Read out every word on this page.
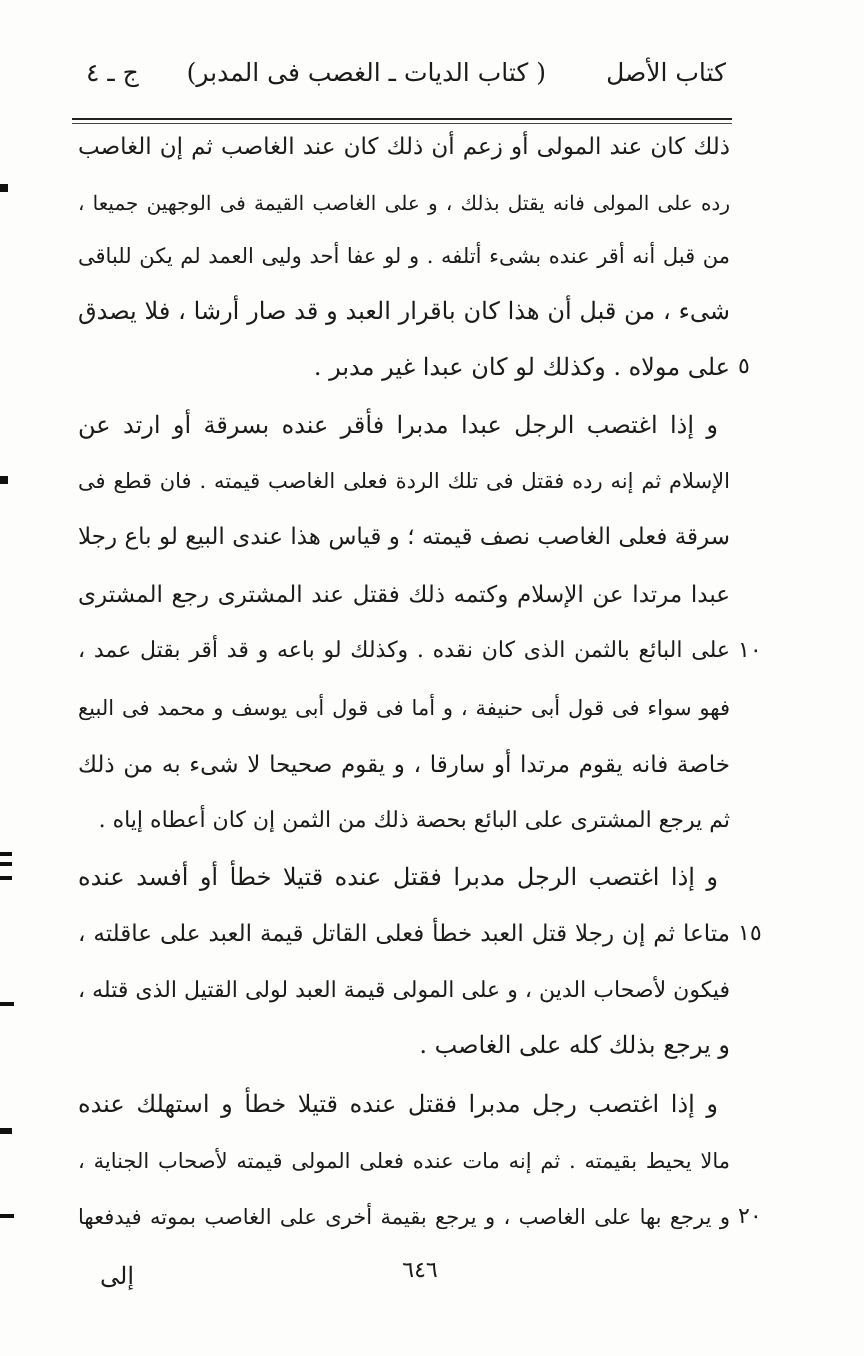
ج ـ ٤ ( كتاب الديات ـ الغصب فى المدبر) كتاب الأصل
ذلك كان عند المولى أو زعم أن ذلك كان عند الغاصب ثم إن الغاصب
رده على المولى فانه يقتل بذلك ، و على الغاصب القيمة فى الوجهين جميعا ،
من قبل أنه أقر عنده بشىء أتلفه . و لو عفا أحد وليى العمد لم يكن للباقى
شىء ، من قبل أن هذا كان باقرار العبد و قد صار أرشا ، فلا يصدق
على مولاه . وكذلك لو كان عبدا غير مدبر . ٥
و إذا اغتصب الرجل عبدا مدبرا فأقر عنده بسرقة أو ارتد عن
الإسلام ثم إنه رده فقتل فى تلك الردة فعلى الغاصب قيمته . فان قطع فى
سرقة فعلى الغاصب نصف قيمته ؛ و قياس هذا عندى البيع لو باع رجلا
عبدا مرتدا عن الإسلام وكتمه ذلك فقتل عند المشترى رجع المشترى
على البائع بالثمن الذى كان نقده . وكذلك لو باعه و قد أقر بقتل عمد ، ١٠
فهو سواء فى قول أبى حنيفة ، و أما فى قول أبى يوسف و محمد فى البيع
خاصة فانه يقوم مرتدا أو سارقا ، و يقوم صحيحا لا شىء به من ذلك
ثم يرجع المشترى على البائع بحصة ذلك من الثمن إن كان أعطاه إياه .
و إذا اغتصب الرجل مدبرا فقتل عنده قتيلا خطأ أو أفسد عنده
متاعا ثم إن رجلا قتل العبد خطأ فعلى القاتل قيمة العبد على عاقلته ، ١٥
فيكون لأصحاب الدين ، و على المولى قيمة العبد لولى القتيل الذى قتله ،
و يرجع بذلك كله على الغاصب .
و إذا اغتصب رجل مدبرا فقتل عنده قتيلا خطأ و استهلك عنده
مالا يحيط بقيمته . ثم إنه مات عنده فعلى المولى قيمته لأصحاب الجناية ،
و يرجع بها على الغاصب ، و يرجع بقيمة أخرى على الغاصب بموته فيدفعها ٢٠
٦٤٦
إلى
